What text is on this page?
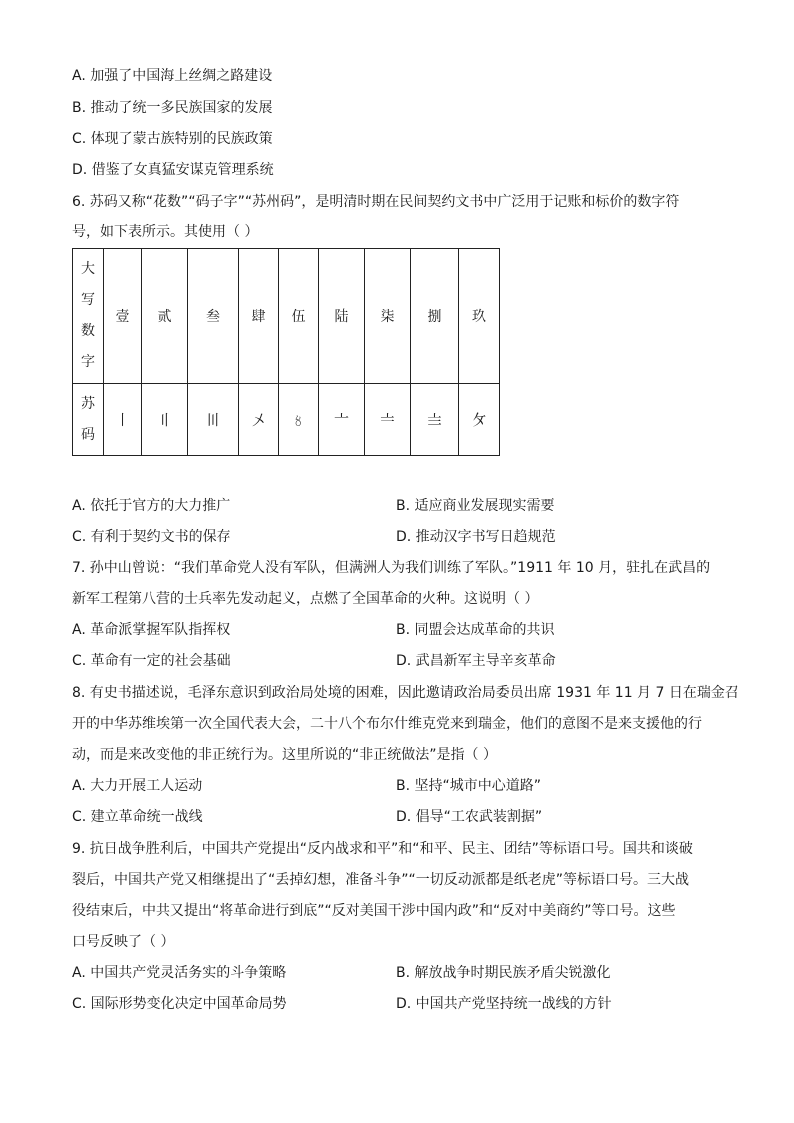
A. 加强了中国海上丝绸之路建设
B. 推动了统一多民族国家的发展
C. 体现了蒙古族特别的民族政策
D. 借鉴了女真猛安谋克管理系统
6. 苏码又称“花数”“码子字”“苏州码”，是明清时期在民间契约文书中广泛用于记账和标价的数字符
号，如下表所示。其使用（ ）
大写数字	壹	贰	叁	肆	伍	陆	柒	捌	玖
苏码	〡	〢	〣	〤	〥	〦	〧	〨	〩
A. 依托于官方的大力推广	B. 适应商业发展现实需要
C. 有利于契约文书的保存	D. 推动汉字书写日趋规范
7. 孙中山曾说：“我们革命党人没有军队，但满洲人为我们训练了军队。”1911 年 10 月，驻扎在武昌的
新军工程第八营的士兵率先发动起义，点燃了全国革命的火种。这说明（ ）
A. 革命派掌握军队指挥权	B. 同盟会达成革命的共识
C. 革命有一定的社会基础	D. 武昌新军主导辛亥革命
8. 有史书描述说，毛泽东意识到政治局处境的困难，因此邀请政治局委员出席 1931 年 11 月 7 日在瑞金召
开的中华苏维埃第一次全国代表大会，二十八个布尔什维克党来到瑞金，他们的意图不是来支援他的行
动，而是来改变他的非正统行为。这里所说的“非正统做法”是指（ ）
A. 大力开展工人运动	B. 坚持“城市中心道路”
C. 建立革命统一战线	D. 倡导“工农武装割据”
9. 抗日战争胜利后，中国共产党提出“反内战求和平”和“和平、民主、团结”等标语口号。国共和谈破
裂后，中国共产党又相继提出了“丢掉幻想，准备斗争”“一切反动派都是纸老虎”等标语口号。三大战
役结束后，中共又提出“将革命进行到底”“反对美国干涉中国内政”和“反对中美商约”等口号。这些
口号反映了（ ）
A. 中国共产党灵活务实的斗争策略	B. 解放战争时期民族矛盾尖锐激化
C. 国际形势变化决定中国革命局势	D. 中国共产党坚持统一战线的方针
